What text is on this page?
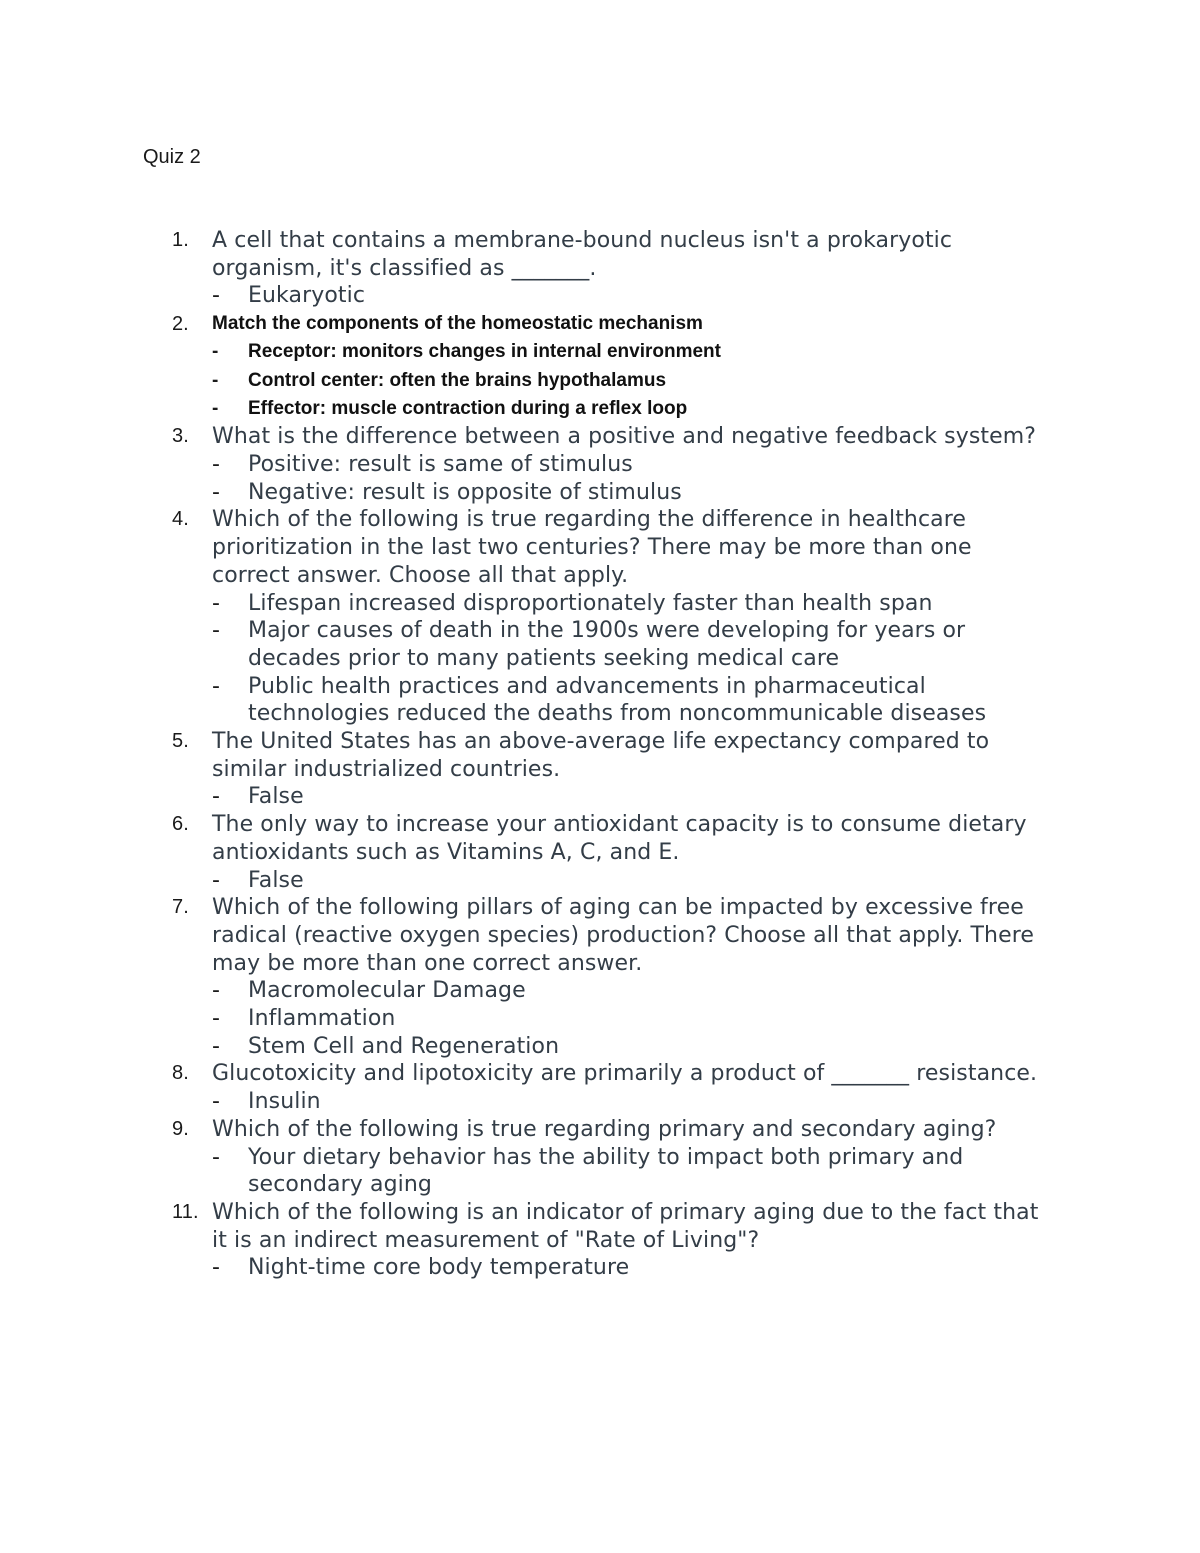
Quiz 2
1.	A cell that contains a membrane-bound nucleus isn't a prokaryotic organism, it's classified as _______.
- Eukaryotic
2.	Match the components of the homeostatic mechanism
- Receptor: monitors changes in internal environment
- Control center: often the brains hypothalamus
- Effector: muscle contraction during a reflex loop
3.	What is the difference between a positive and negative feedback system?
- Positive: result is same of stimulus
- Negative: result is opposite of stimulus
4.	Which of the following is true regarding the difference in healthcare prioritization in the last two centuries? There may be more than one correct answer. Choose all that apply.
- Lifespan increased disproportionately faster than health span
- Major causes of death in the 1900s were developing for years or decades prior to many patients seeking medical care
- Public health practices and advancements in pharmaceutical technologies reduced the deaths from noncommunicable diseases
5.	The United States has an above-average life expectancy compared to similar industrialized countries.
- False
6.	The only way to increase your antioxidant capacity is to consume dietary antioxidants such as Vitamins A, C, and E.
- False
7.	Which of the following pillars of aging can be impacted by excessive free radical (reactive oxygen species) production? Choose all that apply. There may be more than one correct answer.
- Macromolecular Damage
- Inflammation
- Stem Cell and Regeneration
8.	Glucotoxicity and lipotoxicity are primarily a product of _______ resistance.
- Insulin
9.	Which of the following is true regarding primary and secondary aging?
- Your dietary behavior has the ability to impact both primary and secondary aging
11. Which of the following is an indicator of primary aging due to the fact that it is an indirect measurement of "Rate of Living"?
- Night-time core body temperature
